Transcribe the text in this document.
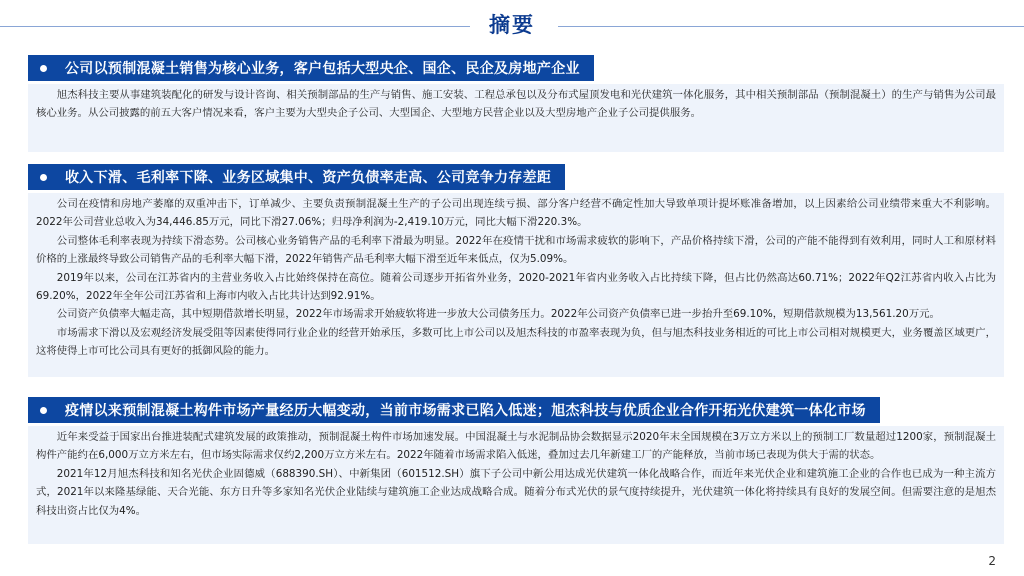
摘要
公司以预制混凝土销售为核心业务，客户包括大型央企、国企、民企及房地产企业

旭杰科技主要从事建筑装配化的研发与设计咨询、相关预制部品的生产与销售、施工安装、工程总承包以及分布式屋顶发电和光伏建筑一体化服务，其中相关预制部品（预制混凝土）的生产与销售为公司最核心业务。从公司披露的前五大客户情况来看，客户主要为大型央企子公司、大型国企、大型地方民营企业以及大型房地产企业子公司提供服务。

收入下滑、毛利率下降、业务区域集中、资产负债率走高、公司竞争力存差距

公司在疫情和房地产萎靡的双重冲击下，订单减少、主要负责预制混凝土生产的子公司出现连续亏损、部分客户经营不确定性加大导致单项计提坏账准备增加，以上因素给公司业绩带来重大不利影响。2022年公司营业总收入为34,446.85万元，同比下滑27.06%；归母净利润为-2,419.10万元，同比大幅下滑220.3%。

公司整体毛利率表现为持续下滑态势。公司核心业务销售产品的毛利率下滑最为明显。2022年在疫情干扰和市场需求疲软的影响下，产品价格持续下滑，公司的产能不能得到有效利用，同时人工和原材料价格的上涨最终导致公司销售产品的毛利率大幅下滑，2022年销售产品毛利率大幅下滑至近年来低点，仅为5.09%。

2019年以来，公司在江苏省内的主营业务收入占比始终保持在高位。随着公司逐步开拓省外业务，2020-2021年省内业务收入占比持续下降，但占比仍然高达60.71%；2022年Q2江苏省内收入占比为69.20%，2022年全年公司江苏省和上海市内收入占比共计达到92.91%。

公司资产负债率大幅走高，其中短期借款增长明显，2022年市场需求开始疲软将进一步放大公司债务压力。2022年公司资产负债率已进一步抬升至69.10%，短期借款规模为13,561.20万元。

市场需求下滑以及宏观经济发展受阻等因素使得同行业企业的经营开始承压，多数可比上市公司以及旭杰科技的市盈率表现为负，但与旭杰科技业务相近的可比上市公司相对规模更大，业务覆盖区域更广，这将使得上市可比公司具有更好的抵御风险的能力。

疫情以来预制混凝土构件市场产量经历大幅变动，当前市场需求已陷入低迷；旭杰科技与优质企业合作开拓光伏建筑一体化市场

近年来受益于国家出台推进装配式建筑发展的政策推动，预制混凝土构件市场加速发展。中国混凝土与水泥制品协会数据显示2020年末全国规模在3万立方米以上的预制工厂数量超过1200家，预制混凝土构件产能约在6,000万立方米左右，但市场实际需求仅约2,200万立方米左右。2022年随着市场需求陷入低迷，叠加过去几年新建工厂的产能释放，当前市场已表现为供大于需的状态。

2021年12月旭杰科技和知名光伏企业固德威（688390.SH）、中新集团（601512.SH）旗下子公司中新公用达成光伏建筑一体化战略合作，而近年来光伏企业和建筑施工企业的合作也已成为一种主流方式，2021年以来隆基绿能、天合光能、东方日升等多家知名光伏企业陆续与建筑施工企业达成战略合成。随着分布式光伏的景气度持续提升，光伏建筑一体化将持续具有良好的发展空间。但需要注意的是旭杰科技出资占比仅为4%。

2
